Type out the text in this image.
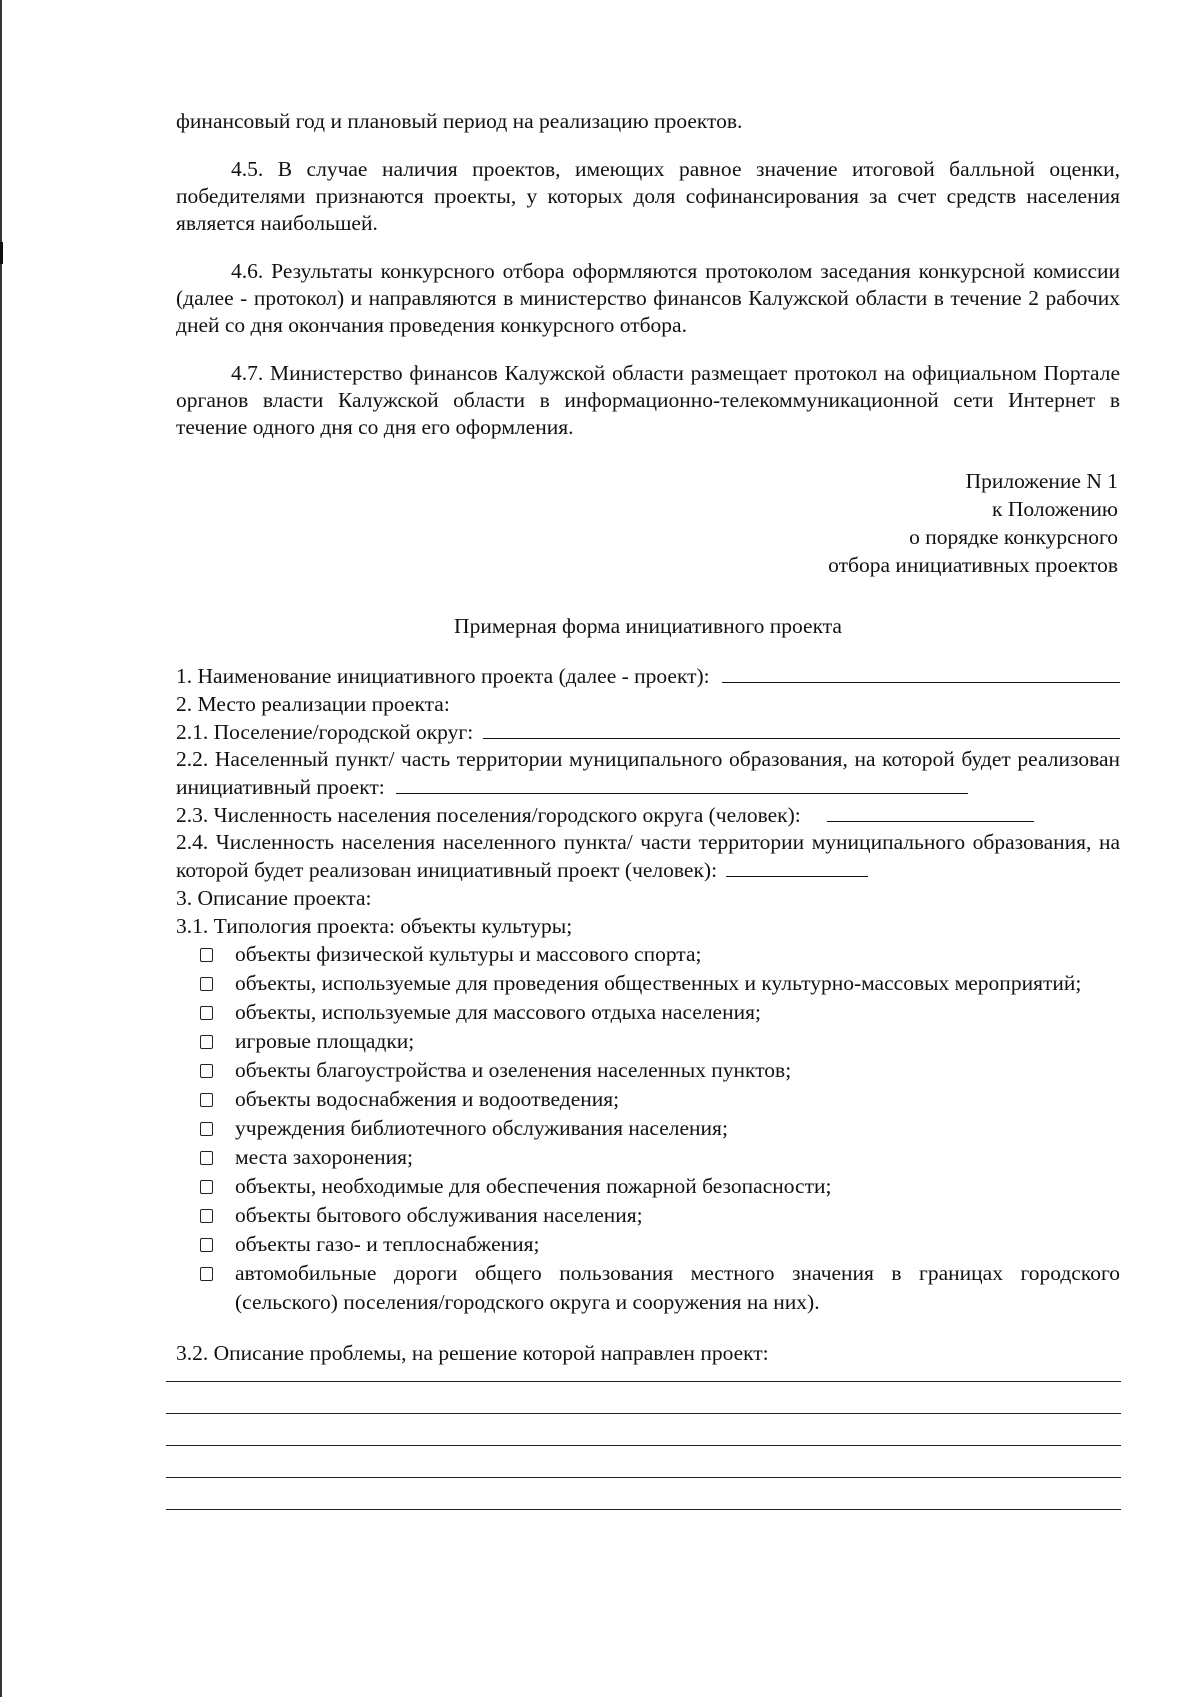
финансовый год и плановый период на реализацию проектов.

4.5. В случае наличия проектов, имеющих равное значение итоговой балльной оценки, победителями признаются проекты, у которых доля софинансирования за счет средств населения является наибольшей.

4.6. Результаты конкурсного отбора оформляются протоколом заседания конкурсной комиссии (далее - протокол) и направляются в министерство финансов Калужской области в течение 2 рабочих дней со дня окончания проведения конкурсного отбора.

4.7. Министерство финансов Калужской области размещает протокол на официальном Портале органов власти Калужской области в информационно-телекоммуникационной сети Интернет в течение одного дня со дня его оформления.

Приложение N 1
к Положению
о порядке конкурсного
отбора инициативных проектов
Примерная форма инициативного проекта
1. Наименование инициативного проекта (далее - проект):
2. Место реализации проекта:
2.1. Поселение/городской округ:
2.2. Населенный пункт/ часть территории муниципального образования, на которой будет реализован инициативный проект:
2.3. Численность населения поселения/городского округа (человек):
2.4. Численность населения населенного пункта/ части территории муниципального образования, на которой будет реализован инициативный проект (человек):
3. Описание проекта:
3.1. Типология проекта: объекты культуры;
объекты физической культуры и массового спорта;
объекты, используемые для проведения общественных и культурно-массовых мероприятий;
объекты, используемые для массового отдыха населения;
игровые площадки;
объекты благоустройства и озеленения населенных пунктов;
объекты водоснабжения и водоотведения;
учреждения библиотечного обслуживания населения;
места захоронения;
объекты, необходимые для обеспечения пожарной безопасности;
объекты бытового обслуживания населения;
объекты газо- и теплоснабжения;
автомобильные дороги общего пользования местного значения в границах городского (сельского) поселения/городского округа и сооружения на них).
3.2. Описание проблемы, на решение которой направлен проект:
